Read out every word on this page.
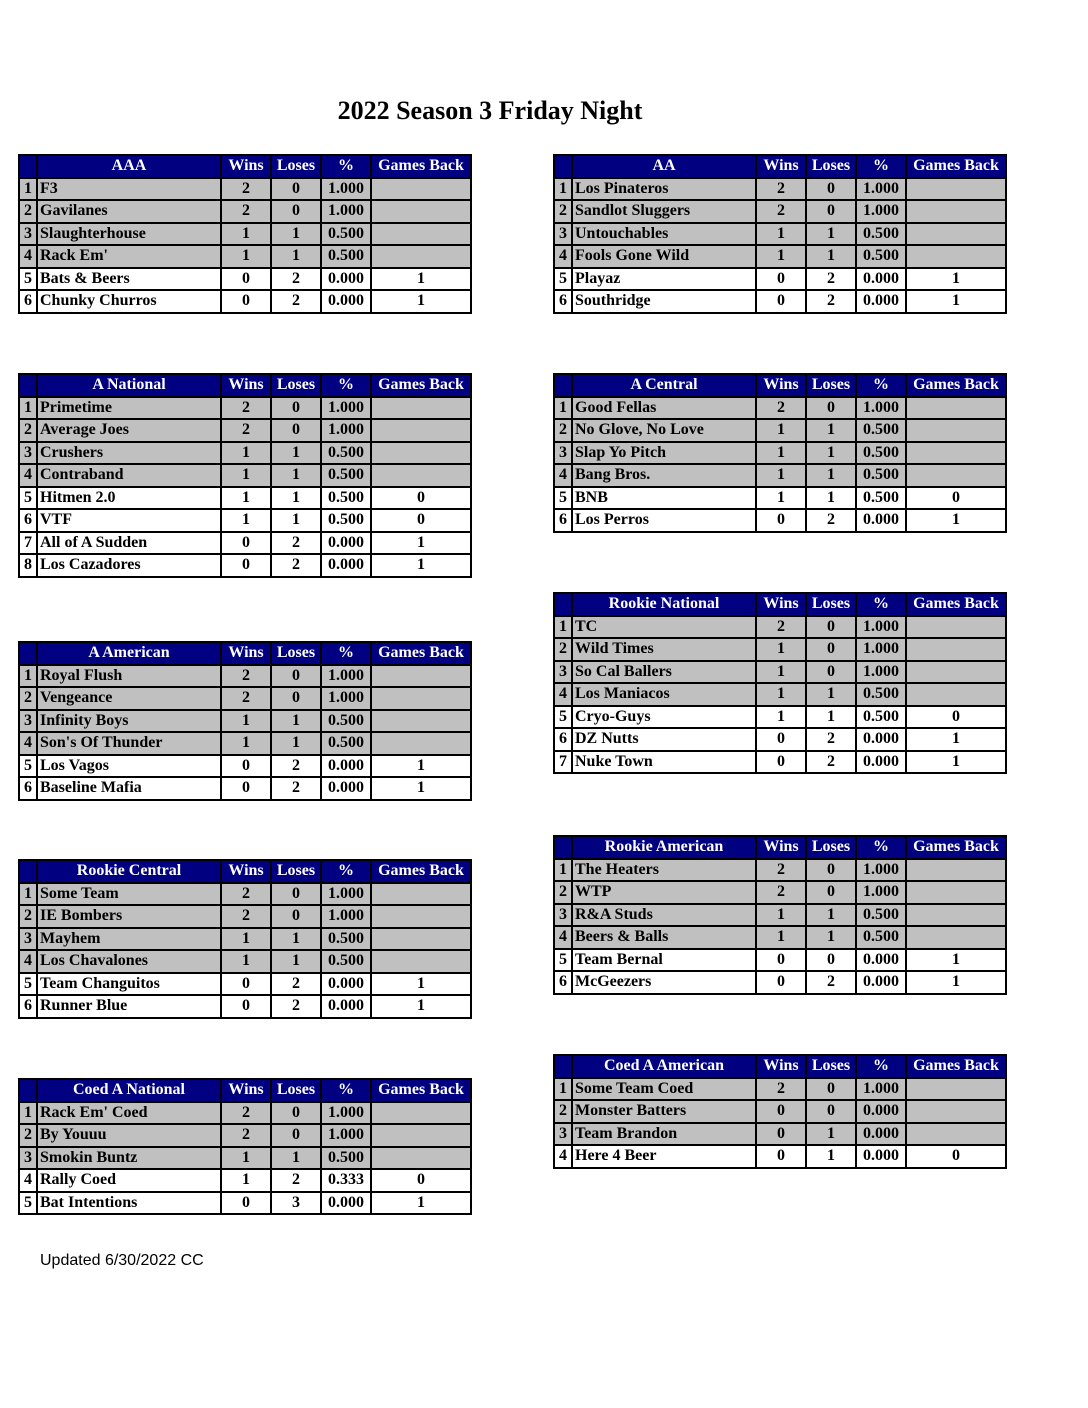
2022 Season 3 Friday Night
	AAA	Wins	Loses	%	Games Back
1	F3	2	0	1.000	
2	Gavilanes	2	0	1.000	
3	Slaughterhouse	1	1	0.500	
4	Rack Em'	1	1	0.500	
5	Bats & Beers	0	2	0.000	1
6	Chunky Churros	0	2	0.000	1
	AA	Wins	Loses	%	Games Back
1	Los Pinateros	2	0	1.000	
2	Sandlot Sluggers	2	0	1.000	
3	Untouchables	1	1	0.500	
4	Fools Gone Wild	1	1	0.500	
5	Playaz	0	2	0.000	1
6	Southridge	0	2	0.000	1
	A National	Wins	Loses	%	Games Back
1	Primetime	2	0	1.000	
2	Average Joes	2	0	1.000	
3	Crushers	1	1	0.500	
4	Contraband	1	1	0.500	
5	Hitmen 2.0	1	1	0.500	0
6	VTF	1	1	0.500	0
7	All of A Sudden	0	2	0.000	1
8	Los Cazadores	0	2	0.000	1
	A Central	Wins	Loses	%	Games Back
1	Good Fellas	2	0	1.000	
2	No Glove, No Love	1	1	0.500	
3	Slap Yo Pitch	1	1	0.500	
4	Bang Bros.	1	1	0.500	
5	BNB	1	1	0.500	0
6	Los Perros	0	2	0.000	1
	Rookie National	Wins	Loses	%	Games Back
1	TC	2	0	1.000	
2	Wild Times	1	0	1.000	
3	So Cal Ballers	1	0	1.000	
4	Los Maniacos	1	1	0.500	
5	Cryo-Guys	1	1	0.500	0
6	DZ Nutts	0	2	0.000	1
7	Nuke Town	0	2	0.000	1
	A American	Wins	Loses	%	Games Back
1	Royal Flush	2	0	1.000	
2	Vengeance	2	0	1.000	
3	Infinity Boys	1	1	0.500	
4	Son's Of Thunder	1	1	0.500	
5	Los Vagos	0	2	0.000	1
6	Baseline Mafia	0	2	0.000	1
	Rookie American	Wins	Loses	%	Games Back
1	The Heaters	2	0	1.000	
2	WTP	2	0	1.000	
3	R&A Studs	1	1	0.500	
4	Beers & Balls	1	1	0.500	
5	Team Bernal	0	0	0.000	1
6	McGeezers	0	2	0.000	1
	Rookie Central	Wins	Loses	%	Games Back
1	Some Team	2	0	1.000	
2	IE Bombers	2	0	1.000	
3	Mayhem	1	1	0.500	
4	Los Chavalones	1	1	0.500	
5	Team Changuitos	0	2	0.000	1
6	Runner Blue	0	2	0.000	1
	Coed A American	Wins	Loses	%	Games Back
1	Some Team Coed	2	0	1.000	
2	Monster Batters	0	0	0.000	
3	Team Brandon	0	1	0.000	
4	Here 4 Beer	0	1	0.000	0
	Coed A National	Wins	Loses	%	Games Back
1	Rack Em' Coed	2	0	1.000	
2	By Youuu	2	0	1.000	
3	Smokin Buntz	1	1	0.500	
4	Rally Coed	1	2	0.333	0
5	Bat Intentions	0	3	0.000	1
Updated 6/30/2022 CC
